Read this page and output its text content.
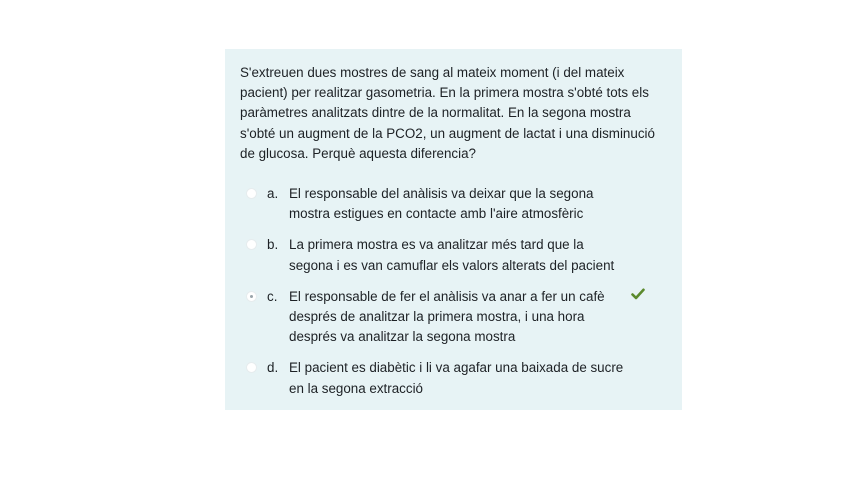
S'extreuen dues mostres de sang al mateix moment (i del mateix pacient) per realitzar gasometria. En la primera mostra s'obté tots els paràmetres analitzats dintre de la normalitat. En la segona mostra s'obté un augment de la PCO2, un augment de lactat i una disminució de glucosa. Perquè aquesta diferencia?

a. El responsable del anàlisis va deixar que la segona mostra estigues en contacte amb l'aire atmosfèric
b. La primera mostra es va analitzar més tard que la segona i es van camuflar els valors alterats del pacient
c. El responsable de fer el anàlisis va anar a fer un cafè després de analitzar la primera mostra, i una hora després va analitzar la segona mostra
d. El pacient es diabètic i li va agafar una baixada de sucre en la segona extracció
